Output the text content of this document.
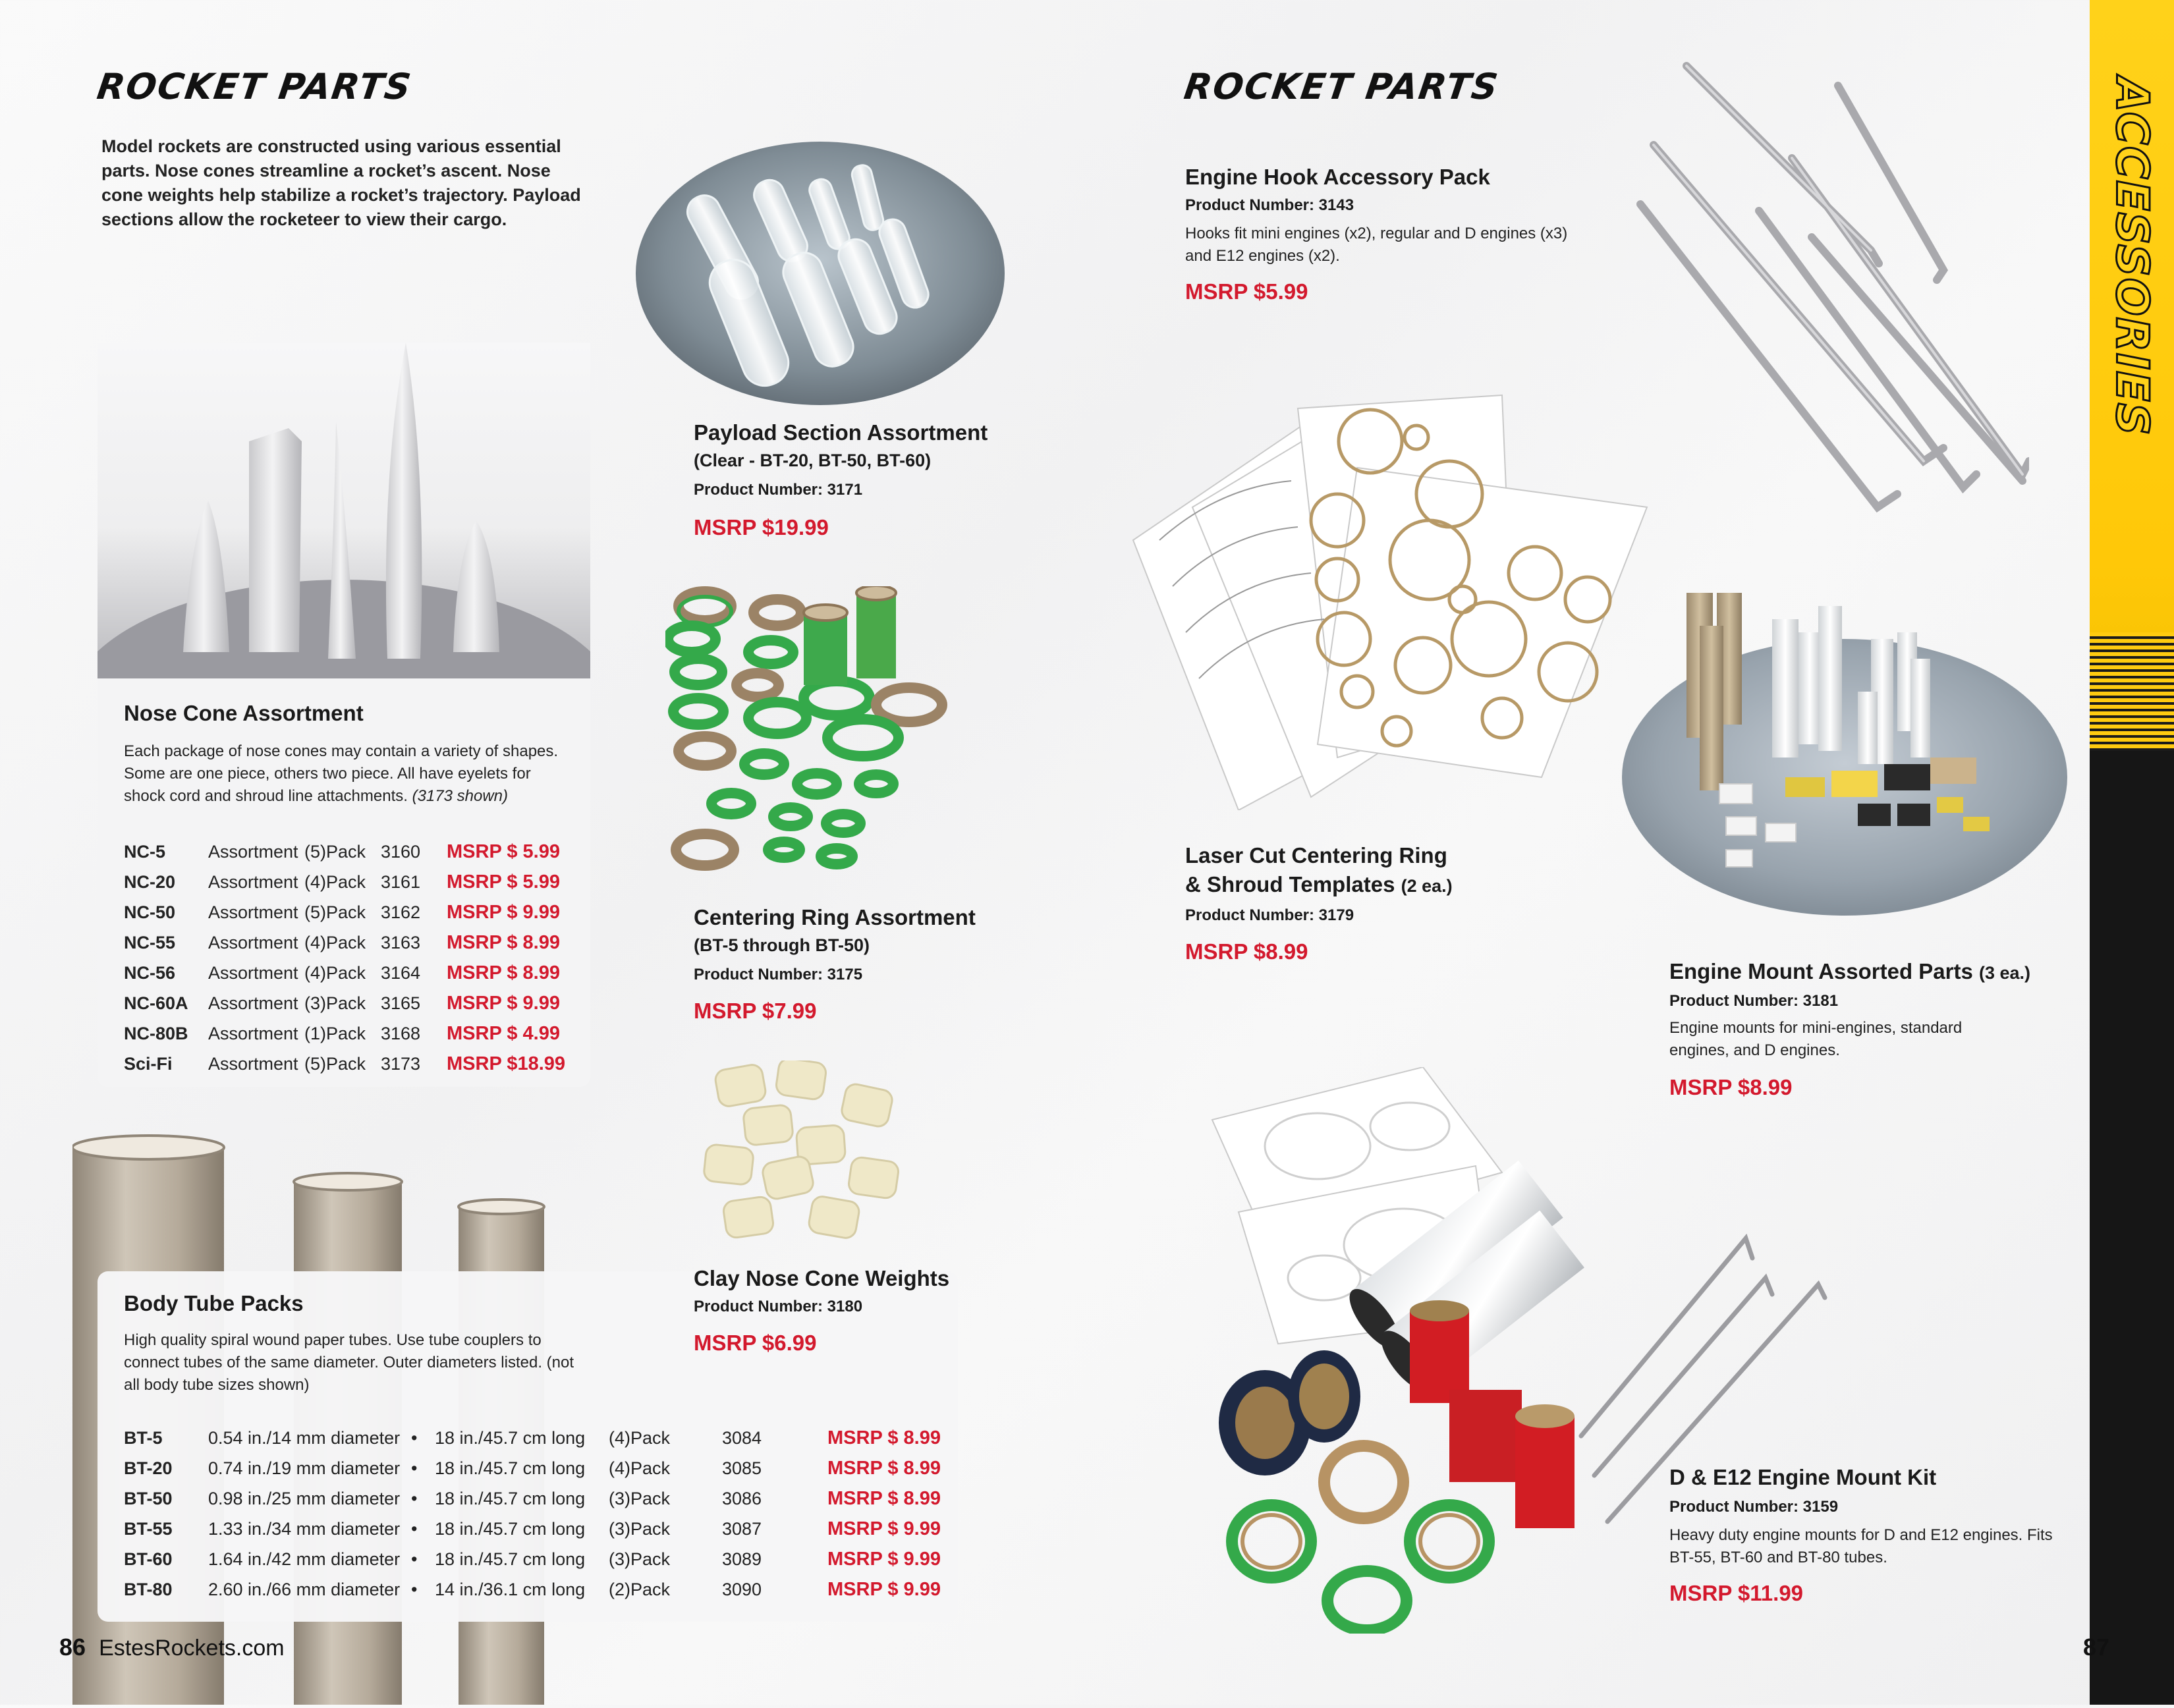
ACCESSORIES
ROCKET PARTS
Model rockets are constructed using various essential parts. Nose cones streamline a rocket’s ascent. Nose cone weights help stabilize a rocket’s trajectory. Payload sections allow the rocketeer to view their cargo.
Nose Cone Assortment
Each package of nose cones may contain a variety of shapes. Some are one piece, others two piece. All have eyelets for shock cord and shroud line attachments. (3173 shown)
NC-5	Assortment	(5)Pack	3160	MSRP $ 5.99
NC-20	Assortment	(4)Pack	3161	MSRP $ 5.99
NC-50	Assortment	(5)Pack	3162	MSRP $ 9.99
NC-55	Assortment	(4)Pack	3163	MSRP $ 8.99
NC-56	Assortment	(4)Pack	3164	MSRP $ 8.99
NC-60A	Assortment	(3)Pack	3165	MSRP $ 9.99
NC-80B	Assortment	(1)Pack	3168	MSRP $ 4.99
Sci-Fi	Assortment	(5)Pack	3173	MSRP $18.99
Body Tube Packs
High quality spiral wound paper tubes. Use tube couplers to connect tubes of the same diameter. Outer diameters listed. (not all body tube sizes shown)
BT-5	0.54 in./14 mm diameter	•	18 in./45.7 cm long	(4)Pack	3084	MSRP $ 8.99
BT-20	0.74 in./19 mm diameter	•	18 in./45.7 cm long	(4)Pack	3085	MSRP $ 8.99
BT-50	0.98 in./25 mm diameter	•	18 in./45.7 cm long	(3)Pack	3086	MSRP $ 8.99
BT-55	1.33 in./34 mm diameter	•	18 in./45.7 cm long	(3)Pack	3087	MSRP $ 9.99
BT-60	1.64 in./42 mm diameter	•	18 in./45.7 cm long	(3)Pack	3089	MSRP $ 9.99
BT-80	2.60 in./66 mm diameter	•	14 in./36.1 cm long	(2)Pack	3090	MSRP $ 9.99
Payload Section Assortment
(Clear - BT-20, BT-50, BT-60)
Product Number: 3171
MSRP $19.99
Centering Ring Assortment
(BT-5 through BT-50)
Product Number: 3175
MSRP $7.99
Clay Nose Cone Weights
Product Number: 3180
MSRP $6.99
86 EstesRockets.com
ROCKET PARTS
Engine Hook Accessory Pack
Product Number: 3143
Hooks fit mini engines (x2), regular and D engines (x3) and E12 engines (x2).
MSRP $5.99
Laser Cut Centering Ring
& Shroud Templates (2 ea.)
Product Number: 3179
MSRP $8.99
Engine Mount Assorted Parts (3 ea.)
Product Number: 3181
Engine mounts for mini-engines, standard engines, and D engines.
MSRP $8.99
D & E12 Engine Mount Kit
Product Number: 3159
Heavy duty engine mounts for D and E12 engines. Fits BT-55, BT-60 and BT-80 tubes.
MSRP $11.99
87
